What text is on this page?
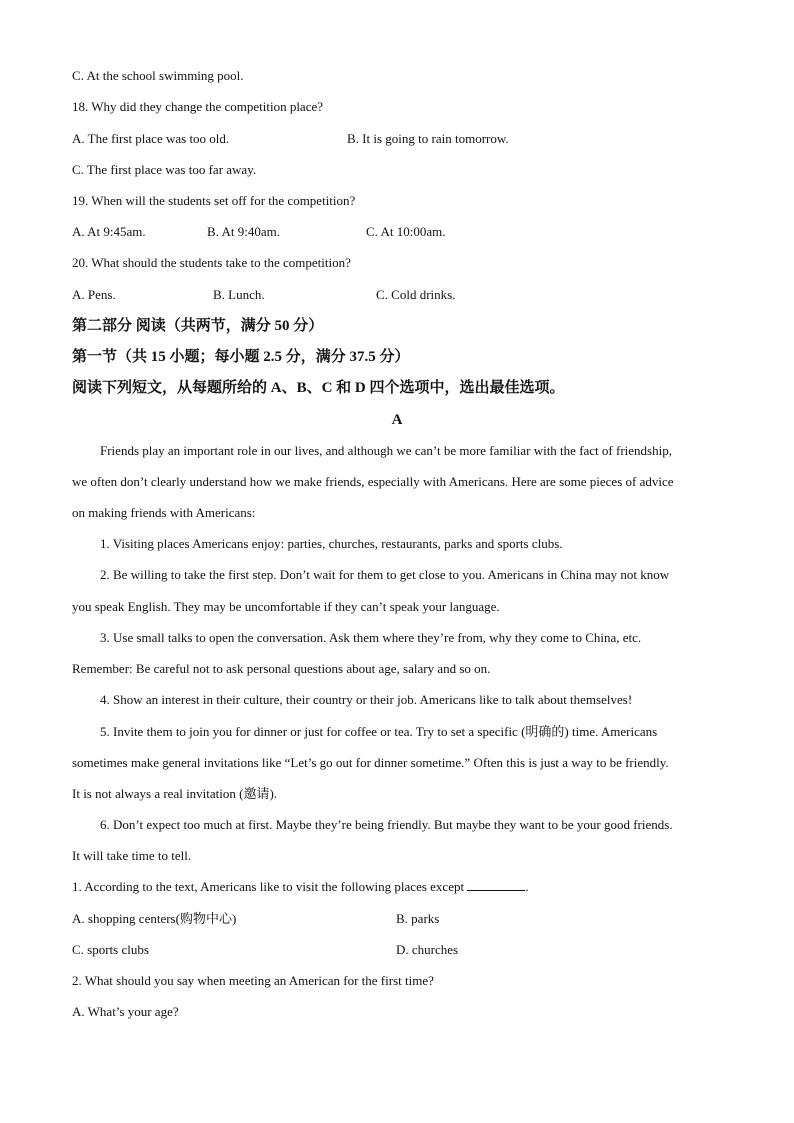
C. At the school swimming pool.
18. Why did they change the competition place?
A. The first place was too old.	B. It is going to rain tomorrow.
C. The first place was too far away.
19. When will the students set off for the competition?
A. At 9:45am.	B. At 9:40am.	C. At 10:00am.
20. What should the students take to the competition?
A. Pens.	B. Lunch.	C. Cold drinks.
第二部分 阅读（共两节，满分 50 分）
第一节（共 15 小题；每小题 2.5 分，满分 37.5 分）
阅读下列短文，从每题所给的 A、B、C 和 D 四个选项中，选出最佳选项。
A
Friends play an important role in our lives, and although we can’t be more familiar with the fact of friendship,
we often don’t clearly understand how we make friends, especially with Americans. Here are some pieces of advice
on making friends with Americans:
1. Visiting places Americans enjoy: parties, churches, restaurants, parks and sports clubs.
2. Be willing to take the first step. Don’t wait for them to get close to you. Americans in China may not know
you speak English. They may be uncomfortable if they can’t speak your language.
3. Use small talks to open the conversation. Ask them where they’re from, why they come to China, etc.
Remember: Be careful not to ask personal questions about age, salary and so on.
4. Show an interest in their culture, their country or their job. Americans like to talk about themselves!
5. Invite them to join you for dinner or just for coffee or tea. Try to set a specific (明确的) time. Americans
sometimes make general invitations like “Let’s go out for dinner sometime.” Often this is just a way to be friendly.
It is not always a real invitation (邀请).
6. Don’t expect too much at first. Maybe they’re being friendly. But maybe they want to be your good friends.
It will take time to tell.
1. According to the text, Americans like to visit the following places except	.
A. shopping centers(购物中心)	B. parks
C. sports clubs	D. churches
2. What should you say when meeting an American for the first time?
A. What’s your age?
